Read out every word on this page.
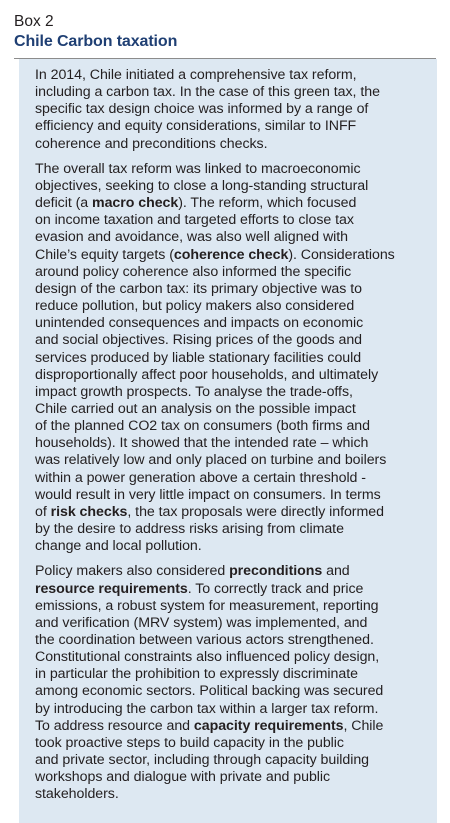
Box 2
Chile Carbon taxation
In 2014, Chile initiated a comprehensive tax reform,
including a carbon tax. In the case of this green tax, the
specific tax design choice was informed by a range of
efficiency and equity considerations, similar to INFF
coherence and preconditions checks.
The overall tax reform was linked to macroeconomic
objectives, seeking to close a long-standing structural
deficit (a macro check). The reform, which focused
on income taxation and targeted efforts to close tax
evasion and avoidance, was also well aligned with
Chile’s equity targets (coherence check). Considerations
around policy coherence also informed the specific
design of the carbon tax: its primary objective was to
reduce pollution, but policy makers also considered
unintended consequences and impacts on economic
and social objectives. Rising prices of the goods and
services produced by liable stationary facilities could
disproportionally affect poor households, and ultimately
impact growth prospects. To analyse the trade-offs,
Chile carried out an analysis on the possible impact
of the planned CO2 tax on consumers (both firms and
households). It showed that the intended rate – which
was relatively low and only placed on turbine and boilers
within a power generation above a certain threshold -
would result in very little impact on consumers. In terms
of risk checks, the tax proposals were directly informed
by the desire to address risks arising from climate
change and local pollution.
Policy makers also considered preconditions and
resource requirements. To correctly track and price
emissions, a robust system for measurement, reporting
and verification (MRV system) was implemented, and
the coordination between various actors strengthened.
Constitutional constraints also influenced policy design,
in particular the prohibition to expressly discriminate
among economic sectors. Political backing was secured
by introducing the carbon tax within a larger tax reform.
To address resource and capacity requirements, Chile
took proactive steps to build capacity in the public
and private sector, including through capacity building
workshops and dialogue with private and public
stakeholders.
